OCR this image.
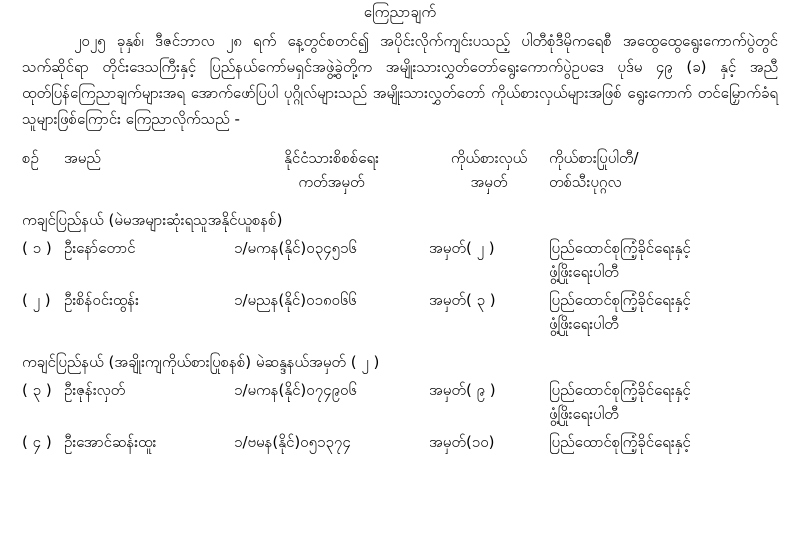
ကြေညာချက်

၂၀၂၅ ခုနှစ်၊ ဒီဇင်ဘာလ ၂၈ ရက် နေ့တွင်စတင်၍ အပိုင်းလိုက်ကျင်းပသည့် ပါတီစုံဒီမိုကရေစီ အထွေထွေရွေးကောက်ပွဲတွင် သက်ဆိုင်ရာ တိုင်းဒေသကြီးနှင့် ပြည်နယ်ကော်မရှင်အဖွဲ့ခွဲတို့က အမျိုးသားလွှတ်တော်ရွေးကောက်ပွဲဥပဒေ ပုဒ်မ ၄၉ (ခ) နှင့် အညီ ထုတ်ပြန်ကြေညာချက်များအရ အောက်ဖော်ပြပါ ပုဂ္ဂိုလ်များသည် အမျိုးသားလွှတ်တော် ကိုယ်စားလှယ်များအဖြစ် ရွေးကောက် တင်မြှောက်ခံရသူများဖြစ်ကြောင်း ကြေညာလိုက်သည် -

စဉ်	အမည်	နိုင်ငံသားစိစစ်ရေး	ကိုယ်စားလှယ်	ကိုယ်စားပြုပါတီ/
ကတ်အမှတ်	အမှတ်	တစ်သီးပုဂ္ဂလ
ကချင်ပြည်နယ် (မဲမအများဆုံးရသူအနိုင်ယူစနစ်)
( ၁ ) ဦးနော်တောင်	၁/မကန(နိုင်)၀၃၄၅၁၆	အမှတ်( ၂ )	ပြည်ထောင်စုကြံ့ခိုင်ရေးနှင့်
ဖွံ့ဖြိုးရေးပါတီ
( ၂ ) ဦးစိန်ဝင်းထွန်း	၁/မညန(နိုင်)၀၁၈၀၆၆	အမှတ်( ၃ )	ပြည်ထောင်စုကြံ့ခိုင်ရေးနှင့်
ဖွံ့ဖြိုးရေးပါတီ
ကချင်ပြည်နယ် (အချိုးကျကိုယ်စားပြုစနစ်) မဲဆန္ဒနယ်အမှတ် ( ၂ )
( ၃ ) ဦးဇုန်းလှတ်	၁/မကန(နိုင်)၀၇၄၉၀၆	အမှတ်( ၉ )	ပြည်ထောင်စုကြံ့ခိုင်ရေးနှင့်
ဖွံ့ဖြိုးရေးပါတီ
( ၄ ) ဦးအောင်ဆန်းထူး	၁/ဗမန(နိုင်)၀၅၁၃၇၄	အမှတ်(၁၀)	ပြည်ထောင်စုကြံ့ခိုင်ရေးနှင့်
